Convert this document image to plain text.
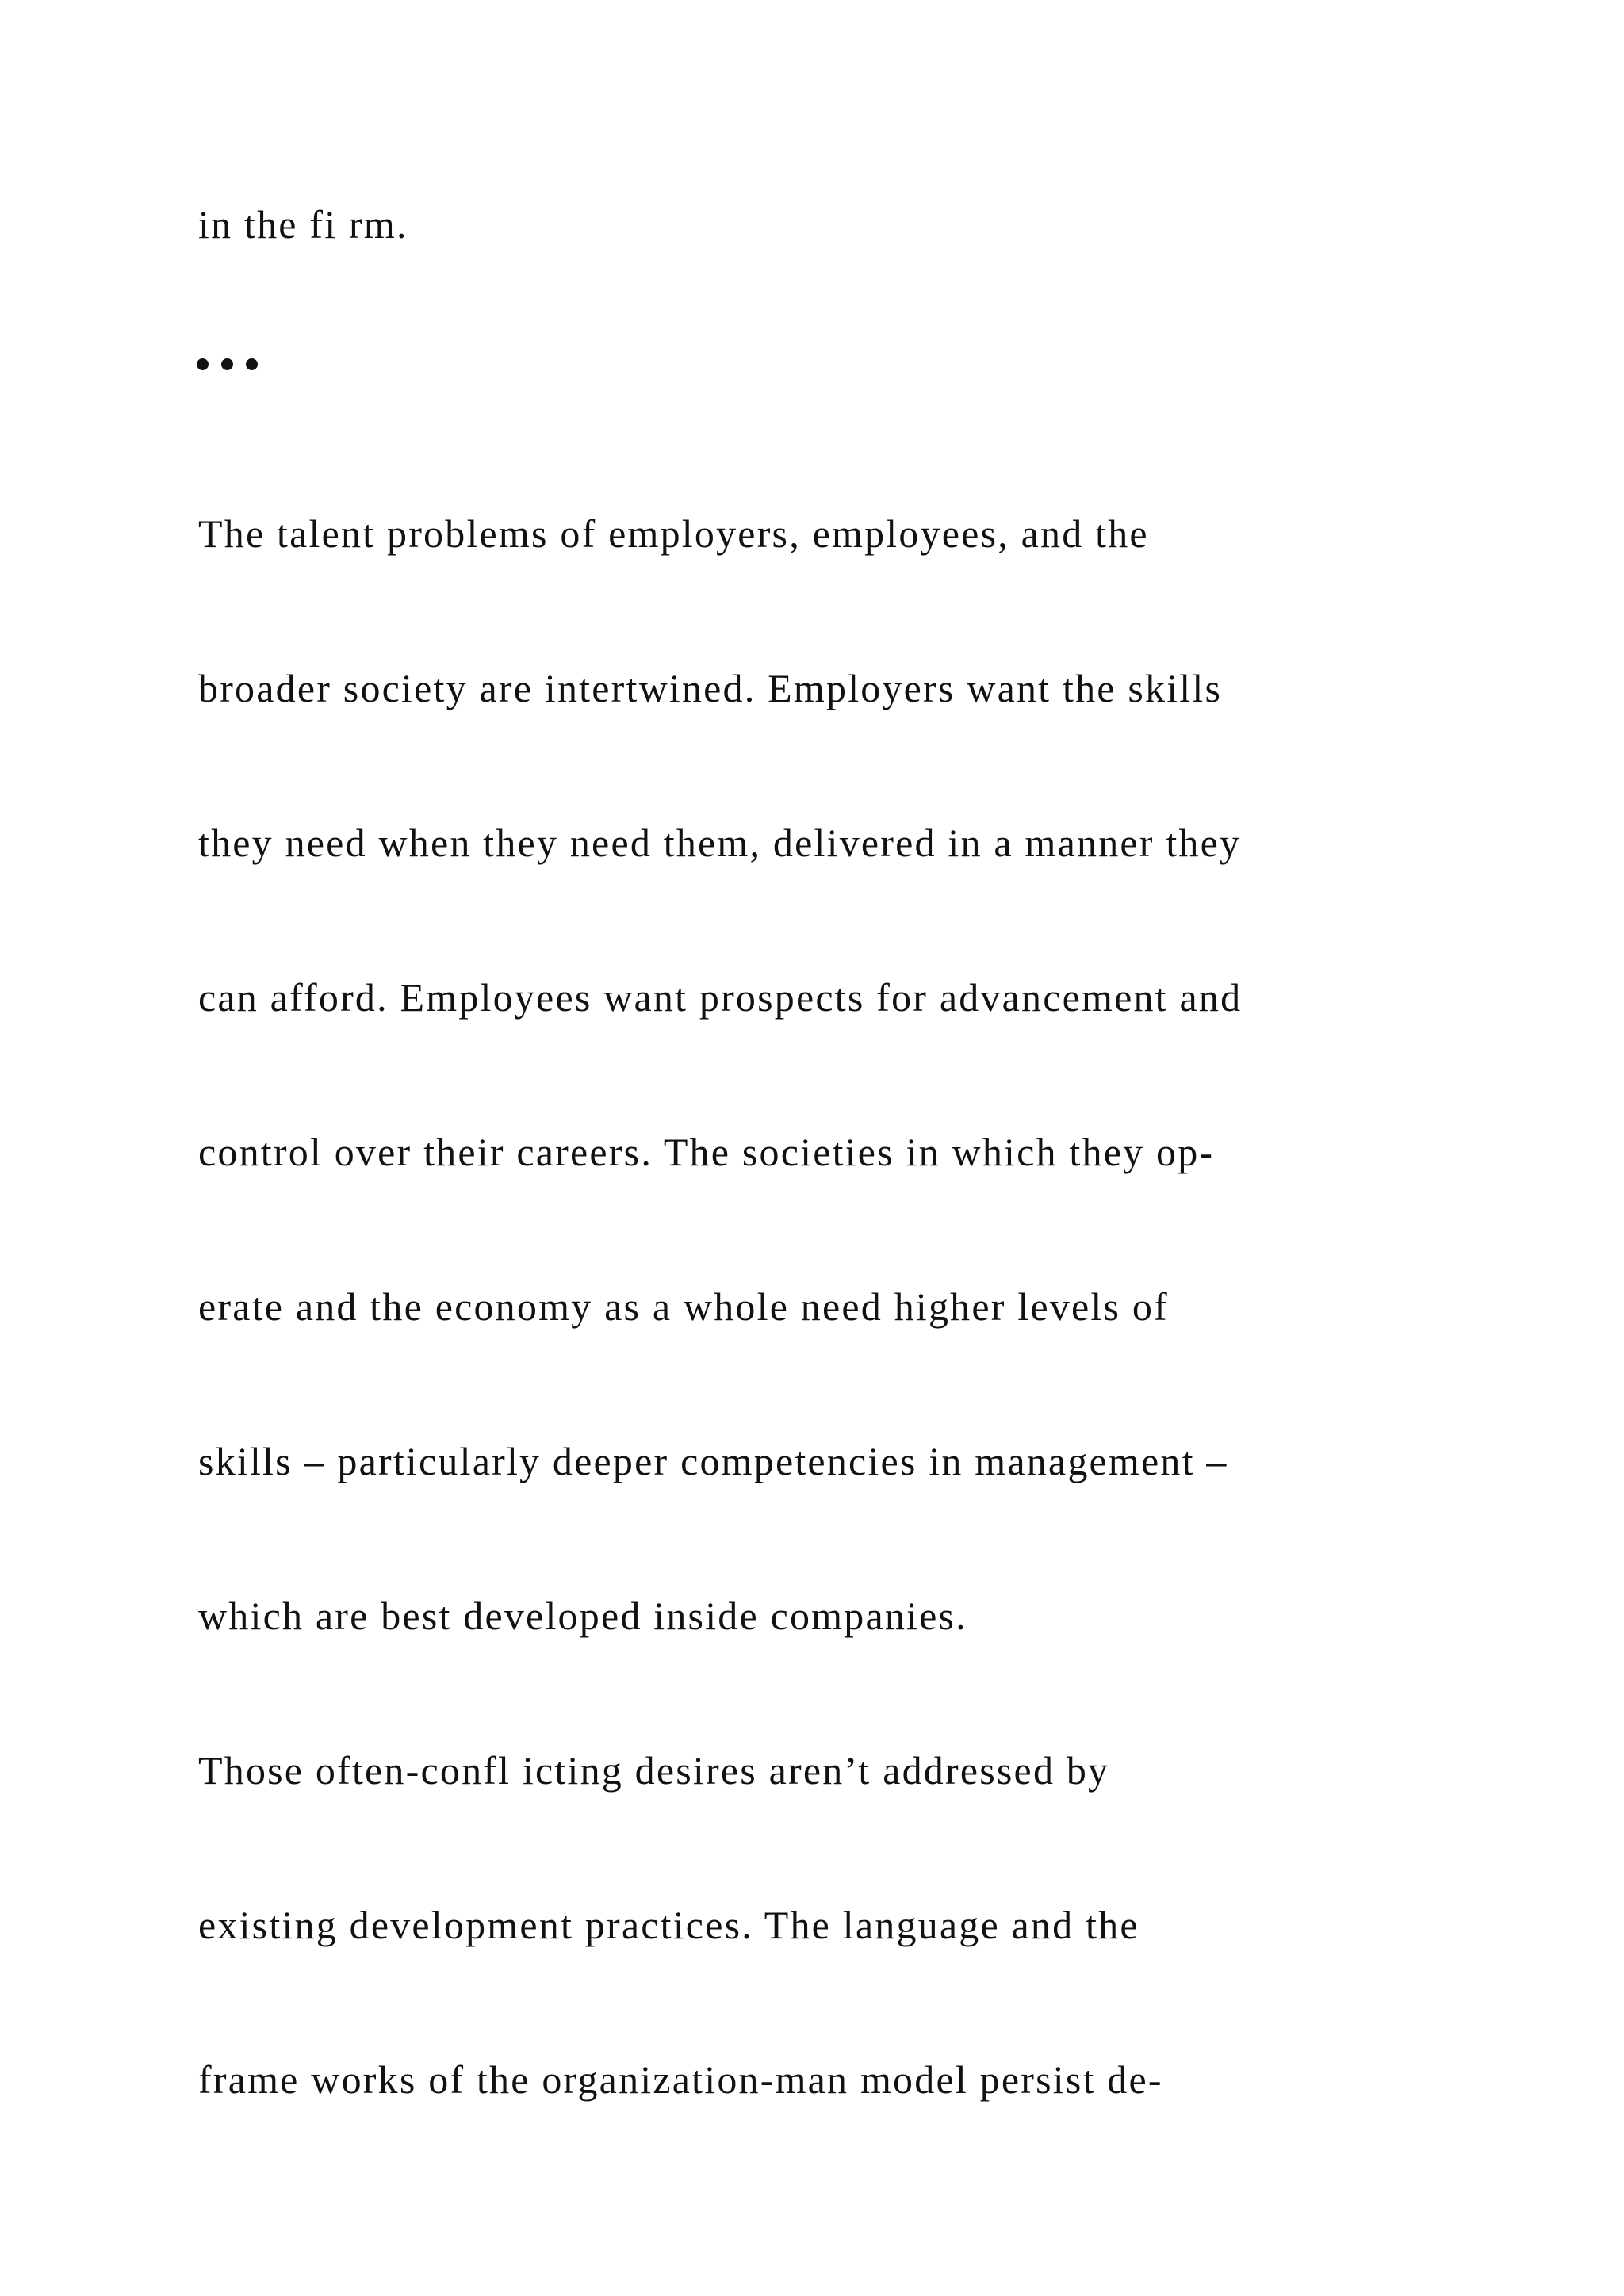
in the fi rm.
The talent problems of employers, employees, and the
broader society are intertwined. Employers want the skills
they need when they need them, delivered in a manner they
can afford. Employees want prospects for advancement and
control over their careers. The societies in which they op-
erate and the economy as a whole need higher levels of
skills – particularly deeper competencies in management –
which are best developed inside companies.
Those often-confl icting desires aren’t addressed by
existing development practices. The language and the
frame works of the organization-man model persist de-
